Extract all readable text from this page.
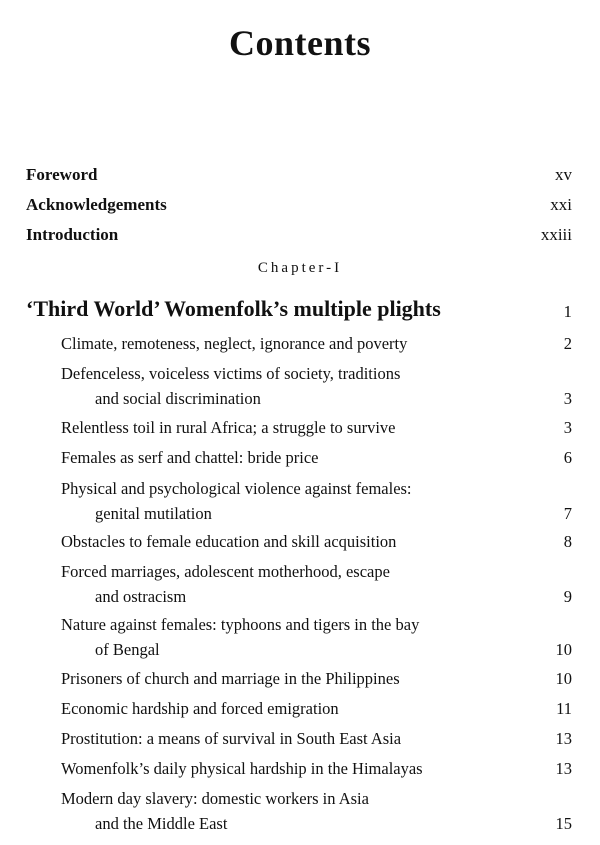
Contents
Foreword	xv
Acknowledgements	xxi
Introduction	xxiii
Chapter-I
‘Third World’ Womenfolk’s multiple plights	1
Climate, remoteness, neglect, ignorance and poverty	2
Defenceless, voiceless victims of society, traditions
and social discrimination	3
Relentless toil in rural Africa; a struggle to survive	3
Females as serf and chattel: bride price	6
Physical and psychological violence against females:
genital mutilation	7
Obstacles to female education and skill acquisition	8
Forced marriages, adolescent motherhood, escape
and ostracism	9
Nature against females: typhoons and tigers in the bay
of Bengal	10
Prisoners of church and marriage in the Philippines	10
Economic hardship and forced emigration	11
Prostitution: a means of survival in South East Asia	13
Womenfolk’s daily physical hardship in the Himalayas	13
Modern day slavery: domestic workers in Asia
and the Middle East	15
